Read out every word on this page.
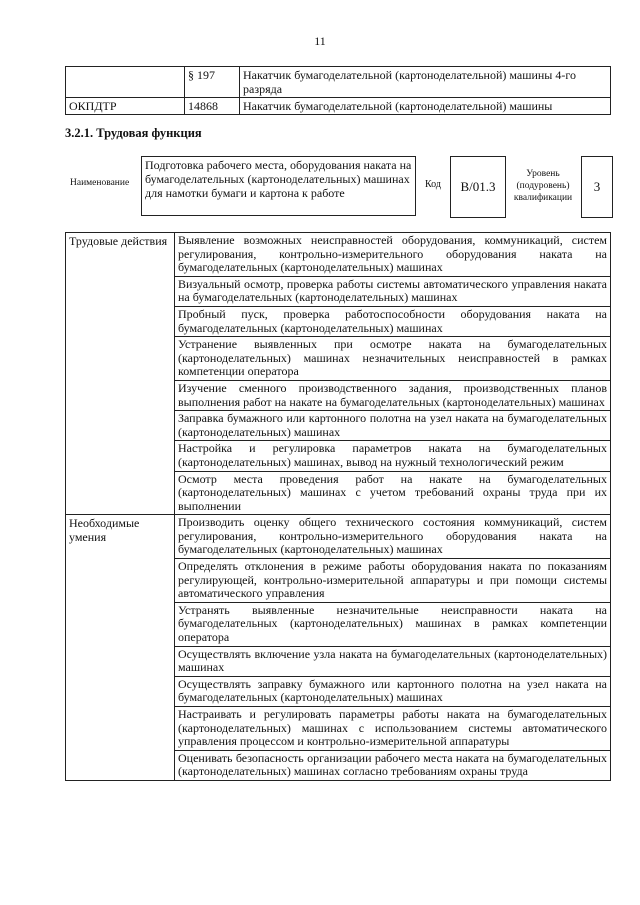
11
	§ 197	Накатчик бумагоделательной (картоноделательной) машины 4-го разряда
ОКПДТР	14868	Накатчик бумагоделательной (картоноделательной) машины
3.2.1. Трудовая функция
Наименование
Подготовка рабочего места, оборудования наката на бумагоделательных (картоноделательных) машинах для намотки бумаги и картона к работе
Код	В/01.3
Уровень (подуровень) квалификации
3
Трудовые действия	Выявление возможных неисправностей оборудования, коммуникаций, систем регулирования, контрольно-измерительного оборудования наката на бумагоделательных (картоноделательных) машинах
	Визуальный осмотр, проверка работы системы автоматического управления наката на бумагоделательных (картоноделательных) машинах
	Пробный пуск, проверка работоспособности оборудования наката на бумагоделательных (картоноделательных) машинах
	Устранение выявленных при осмотре наката на бумагоделательных (картоноделательных) машинах незначительных неисправностей в рамках компетенции оператора
	Изучение сменного производственного задания, производственных планов выполнения работ на накате на бумагоделательных (картоноделательных) машинах
	Заправка бумажного или картонного полотна на узел наката на бумагоделательных (картоноделательных) машинах
	Настройка и регулировка параметров наката на бумагоделательных (картоноделательных) машинах, вывод на нужный технологический режим
	Осмотр места проведения работ на накате на бумагоделательных (картоноделательных) машинах с учетом требований охраны труда при их выполнении
Необходимые умения	Производить оценку общего технического состояния коммуникаций, систем регулирования, контрольно-измерительного оборудования наката на бумагоделательных (картоноделательных) машинах
	Определять отклонения в режиме работы оборудования наката по показаниям регулирующей, контрольно-измерительной аппаратуры и при помощи системы автоматического управления
	Устранять выявленные незначительные неисправности наката на бумагоделательных (картоноделательных) машинах в рамках компетенции оператора
	Осуществлять включение узла наката на бумагоделательных (картоноделательных) машинах
	Осуществлять заправку бумажного или картонного полотна на узел наката на бумагоделательных (картоноделательных) машинах
	Настраивать и регулировать параметры работы наката на бумагоделательных (картоноделательных) машинах с использованием системы автоматического управления процессом и контрольно-измерительной аппаратуры
	Оценивать безопасность организации рабочего места наката на бумагоделательных (картоноделательных) машинах согласно требованиям охраны труда
